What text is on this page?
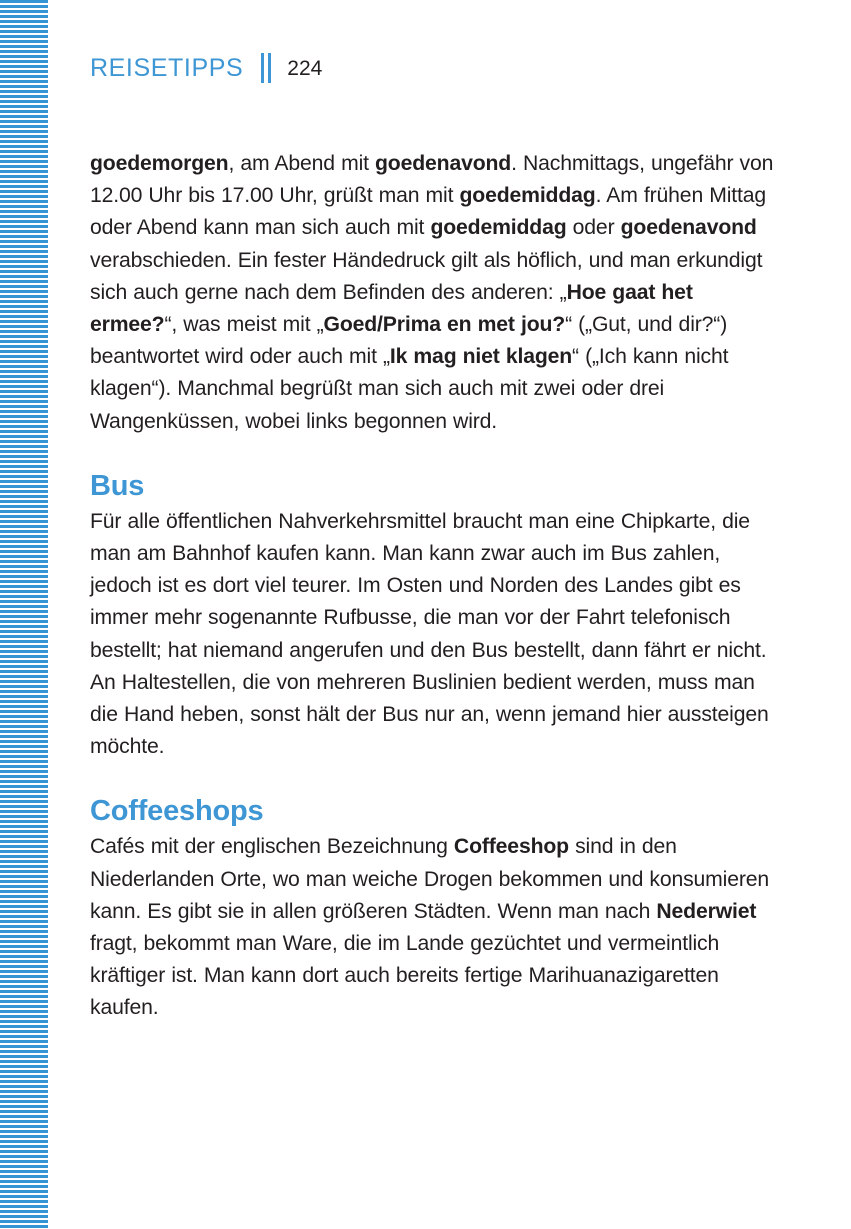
REISETIPPS 224

goedemorgen, am Abend mit goedenavond. Nachmittags, ungefähr von 12.00 Uhr bis 17.00 Uhr, grüßt man mit goedemiddag. Am frühen Mittag oder Abend kann man sich auch mit goedemiddag oder goedenavond verabschieden. Ein fester Händedruck gilt als höflich, und man erkundigt sich auch gerne nach dem Befinden des anderen: „Hoe gaat het ermee?“, was meist mit „Goed/Prima en met jou?“ („Gut, und dir?“) beantwortet wird oder auch mit „Ik mag niet klagen“ („Ich kann nicht klagen“). Manchmal begrüßt man sich auch mit zwei oder drei Wangenküssen, wobei links begonnen wird.

Bus

Für alle öffentlichen Nahverkehrsmittel braucht man eine Chipkarte, die man am Bahnhof kaufen kann. Man kann zwar auch im Bus zahlen, jedoch ist es dort viel teurer. Im Osten und Norden des Landes gibt es immer mehr sogenannte Rufbusse, die man vor der Fahrt telefonisch bestellt; hat niemand angerufen und den Bus bestellt, dann fährt er nicht.

An Haltestellen, die von mehreren Buslinien bedient werden, muss man die Hand heben, sonst hält der Bus nur an, wenn jemand hier aussteigen möchte.

Coffeeshops

Cafés mit der englischen Bezeichnung Coffeeshop sind in den Niederlanden Orte, wo man weiche Drogen bekommen und konsumieren kann. Es gibt sie in allen größeren Städten. Wenn man nach Nederwiet fragt, bekommt man Ware, die im Lande gezüchtet und vermeintlich kräftiger ist. Man kann dort auch bereits fertige Marihuanazigaretten kaufen.
